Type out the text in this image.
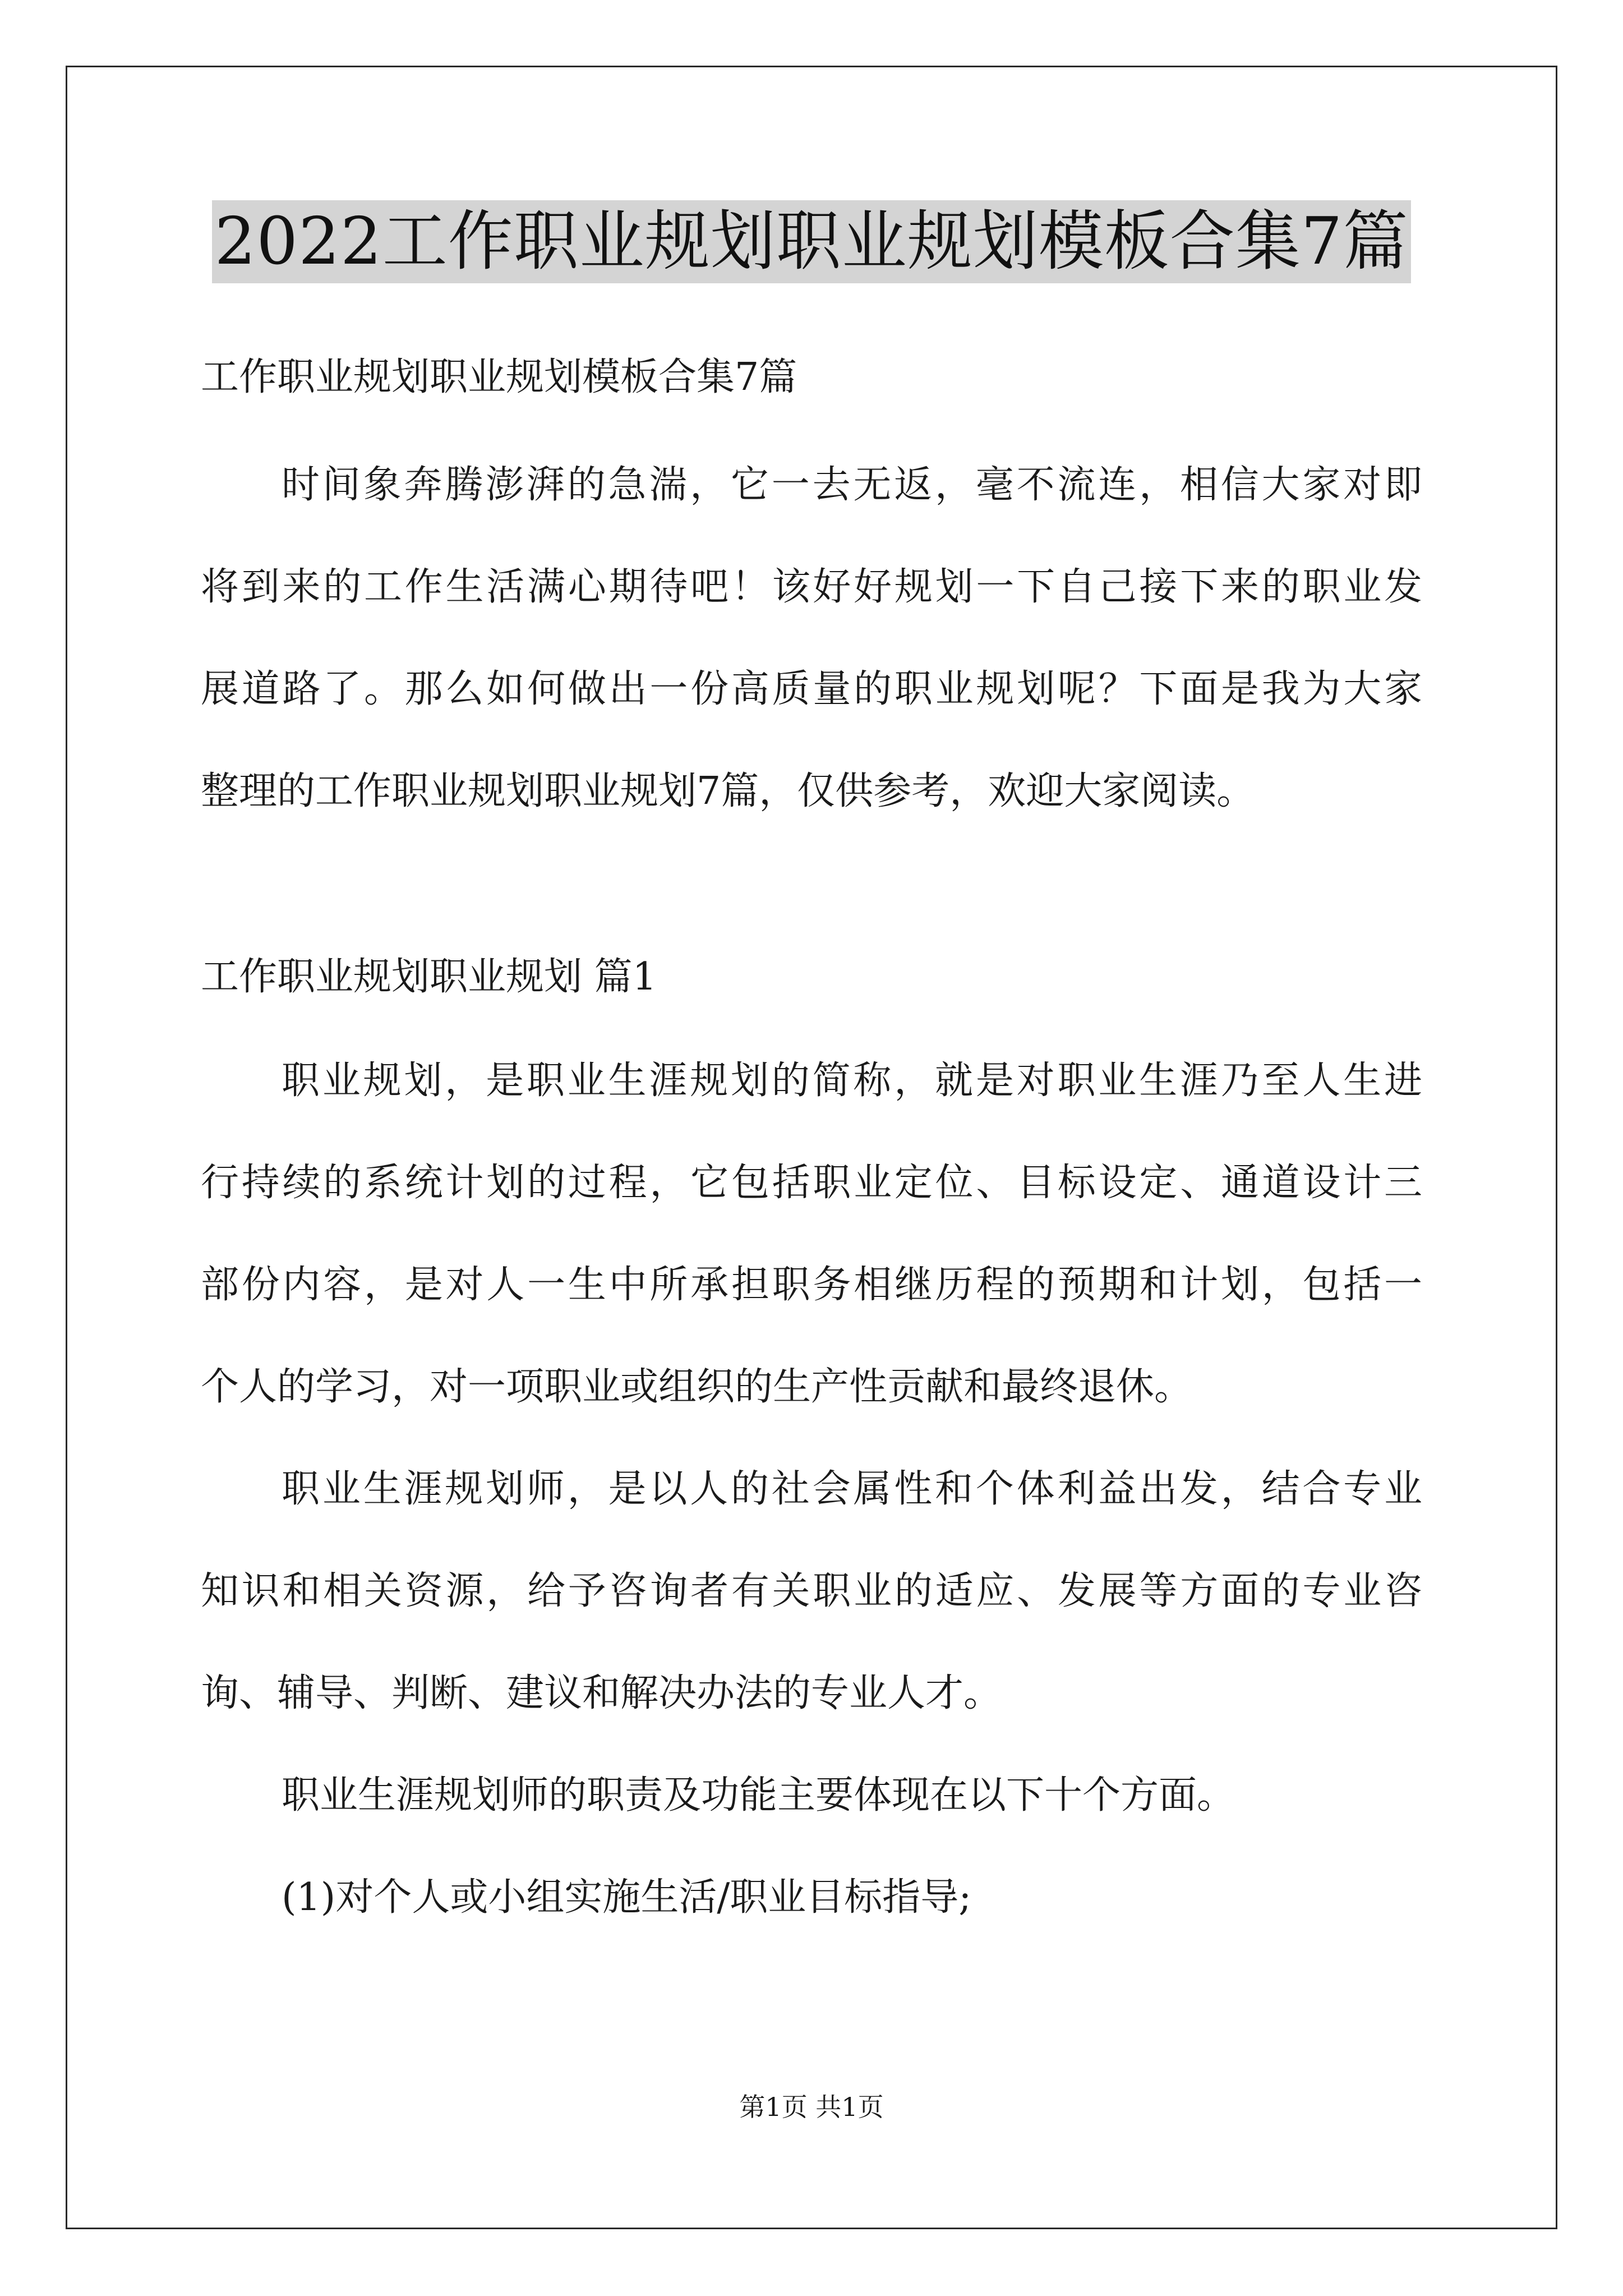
2022工作职业规划职业规划模板合集7篇
工作职业规划职业规划模板合集7篇
时间象奔腾澎湃的急湍，它一去无返，毫不流连，相信大家对即
将到来的工作生活满心期待吧！该好好规划一下自己接下来的职业发
展道路了。那么如何做出一份高质量的职业规划呢？下面是我为大家
整理的工作职业规划职业规划7篇，仅供参考，欢迎大家阅读。
工作职业规划职业规划 篇1
职业规划，是职业生涯规划的简称，就是对职业生涯乃至人生进
行持续的系统计划的过程，它包括职业定位、目标设定、通道设计三
部份内容，是对人一生中所承担职务相继历程的预期和计划，包括一
个人的学习，对一项职业或组织的生产性贡献和最终退休。
职业生涯规划师，是以人的社会属性和个体利益出发，结合专业
知识和相关资源，给予咨询者有关职业的适应、发展等方面的专业咨
询、辅导、判断、建议和解决办法的专业人才。
职业生涯规划师的职责及功能主要体现在以下十个方面。
(1)对个人或小组实施生活/职业目标指导;
第1页 共1页
